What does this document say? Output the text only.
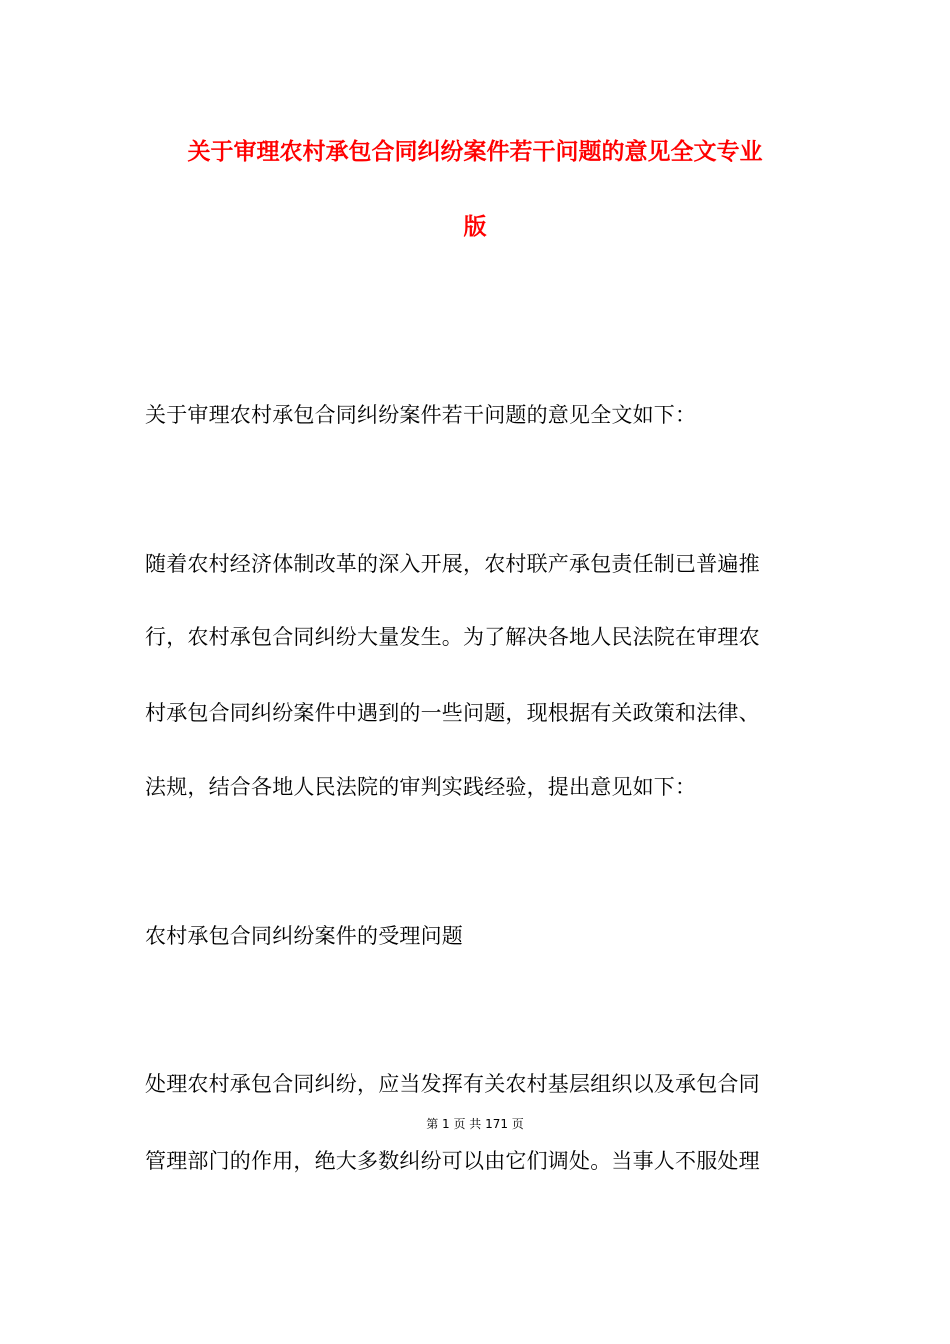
关于审理农村承包合同纠纷案件若干问题的意见全文专业
版
关于审理农村承包合同纠纷案件若干问题的意见全文如下：
随着农村经济体制改革的深入开展，农村联产承包责任制已普遍推
行，农村承包合同纠纷大量发生。为了解决各地人民法院在审理农
村承包合同纠纷案件中遇到的一些问题，现根据有关政策和法律、
法规，结合各地人民法院的审判实践经验，提出意见如下：
农村承包合同纠纷案件的受理问题
处理农村承包合同纠纷，应当发挥有关农村基层组织以及承包合同
第 1 页 共 171 页
管理部门的作用，绝大多数纠纷可以由它们调处。当事人不服处理
